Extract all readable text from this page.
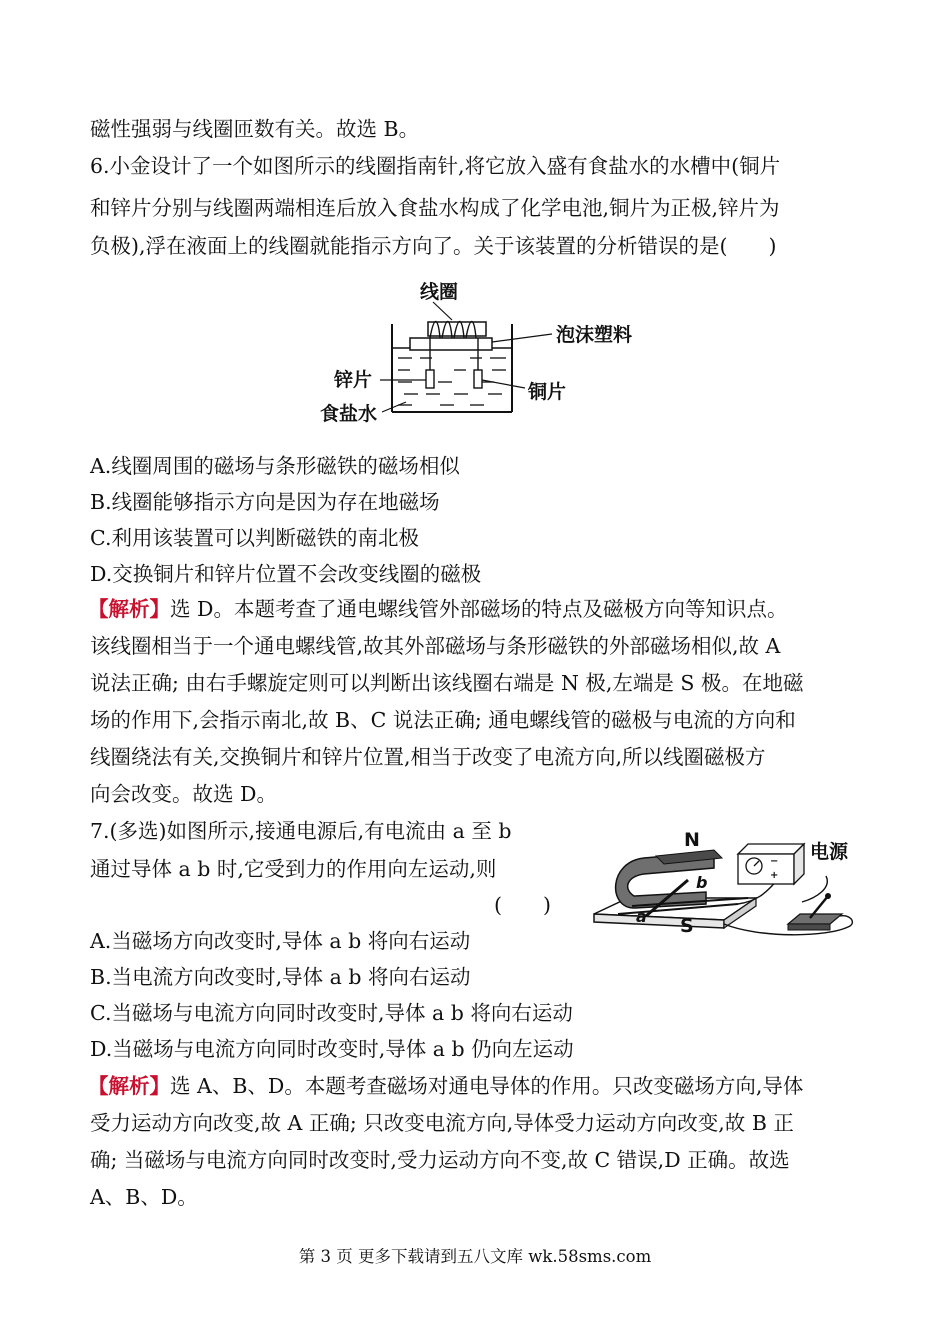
磁性强弱与线圈匝数有关。故选 B。
6.小金设计了一个如图所示的线圈指南针,将它放入盛有食盐水的水槽中(铜片
和锌片分别与线圈两端相连后放入食盐水构成了化学电池,铜片为正极,锌片为
负极),浮在液面上的线圈就能指示方向了。关于该装置的分析错误的是(　　)
线圈
泡沫塑料
锌片
铜片
食盐水
A.线圈周围的磁场与条形磁铁的磁场相似
B.线圈能够指示方向是因为存在地磁场
C.利用该装置可以判断磁铁的南北极
D.交换铜片和锌片位置不会改变线圈的磁极
【解析】选 D。本题考查了通电螺线管外部磁场的特点及磁极方向等知识点。
该线圈相当于一个通电螺线管,故其外部磁场与条形磁铁的外部磁场相似,故 A
说法正确; 由右手螺旋定则可以判断出该线圈右端是 N 极,左端是 S 极。在地磁
场的作用下,会指示南北,故 B、C 说法正确; 通电螺线管的磁极与电流的方向和
线圈绕法有关,交换铜片和锌片位置,相当于改变了电流方向,所以线圈磁极方
向会改变。故选 D。
7.(多选)如图所示,接通电源后,有电流由 a 至 b
通过导体 a b 时,它受到力的作用向左运动,则
(　　)
−
+
N
S
电源
a
b
A.当磁场方向改变时,导体 a b 将向右运动
B.当电流方向改变时,导体 a b 将向右运动
C.当磁场与电流方向同时改变时,导体 a b 将向右运动
D.当磁场与电流方向同时改变时,导体 a b 仍向左运动
【解析】选 A、B、D。本题考查磁场对通电导体的作用。只改变磁场方向,导体
受力运动方向改变,故 A 正确; 只改变电流方向,导体受力运动方向改变,故 B 正
确; 当磁场与电流方向同时改变时,受力运动方向不变,故 C 错误,D 正确。故选
A、B、D。
第 3 页 更多下载请到五八文库 wk.58sms.com
